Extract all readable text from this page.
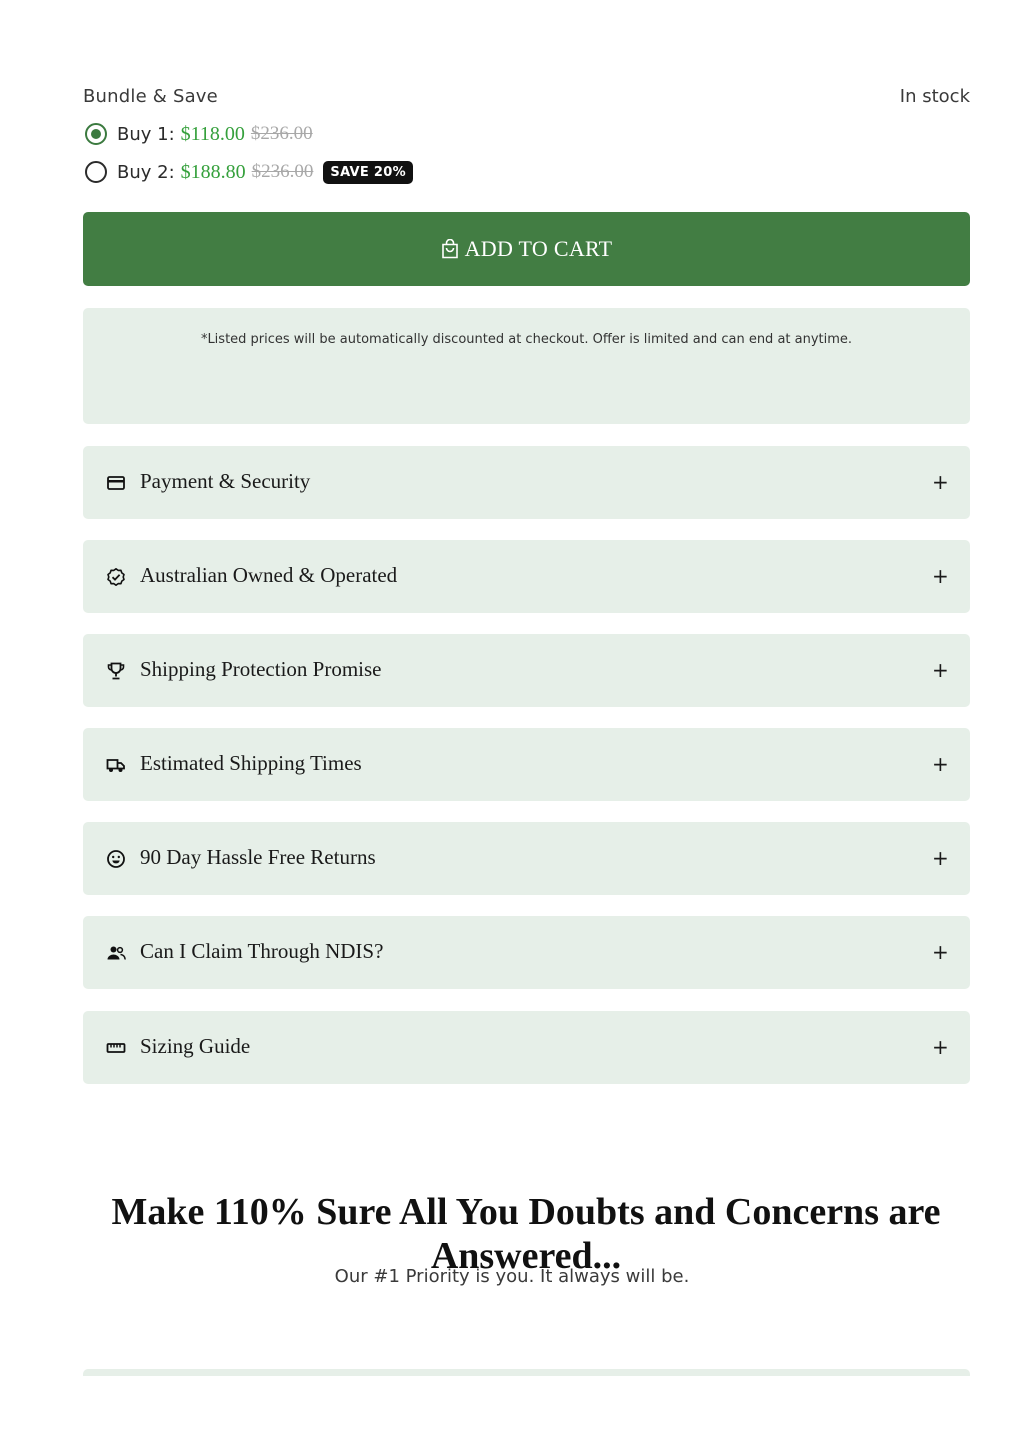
Bundle & Save	In stock
Buy 1: $118.00 $236.00
Buy 2: $188.80 $236.00	SAVE 20%
ADD TO CART
*Listed prices will be automatically discounted at checkout. Offer is limited and can end at anytime.
Payment & Security	+
Australian Owned & Operated	+
Shipping Protection Promise	+
Estimated Shipping Times	+
90 Day Hassle Free Returns	+
Can I Claim Through NDIS?	+
Sizing Guide	+
Make 110% Sure All You Doubts and Concerns are Answered...
Our #1 Priority is you. It always will be.
